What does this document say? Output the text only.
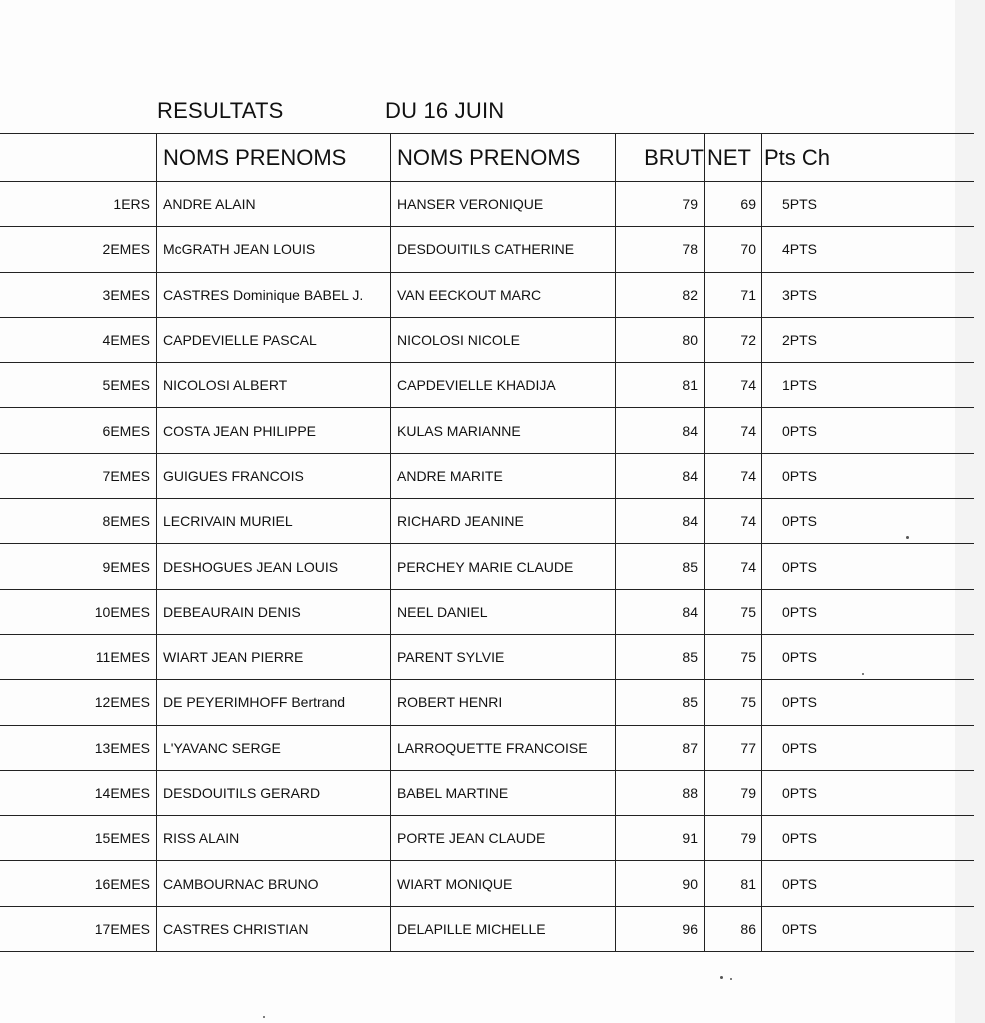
RESULTATS	DU 16 JUIN
	NOMS PRENOMS	NOMS PRENOMS	BRUT	NET	Pts Ch
1ERS	ANDRE ALAIN	HANSER VERONIQUE	79	69	5PTS
2EMES	McGRATH JEAN LOUIS	DESDOUITILS CATHERINE	78	70	4PTS
3EMES	CASTRES Dominique BABEL J.	VAN EECKOUT MARC	82	71	3PTS
4EMES	CAPDEVIELLE PASCAL	NICOLOSI NICOLE	80	72	2PTS
5EMES	NICOLOSI ALBERT	CAPDEVIELLE KHADIJA	81	74	1PTS
6EMES	COSTA JEAN PHILIPPE	KULAS MARIANNE	84	74	0PTS
7EMES	GUIGUES FRANCOIS	ANDRE MARITE	84	74	0PTS
8EMES	LECRIVAIN MURIEL	RICHARD JEANINE	84	74	0PTS
9EMES	DESHOGUES JEAN LOUIS	PERCHEY MARIE CLAUDE	85	74	0PTS
10EMES	DEBEAURAIN DENIS	NEEL DANIEL	84	75	0PTS
11EMES	WIART JEAN PIERRE	PARENT SYLVIE	85	75	0PTS
12EMES	DE PEYERIMHOFF Bertrand	ROBERT HENRI	85	75	0PTS
13EMES	L'YAVANC SERGE	LARROQUETTE FRANCOISE	87	77	0PTS
14EMES	DESDOUITILS GERARD	BABEL MARTINE	88	79	0PTS
15EMES	RISS ALAIN	PORTE JEAN CLAUDE	91	79	0PTS
16EMES	CAMBOURNAC BRUNO	WIART MONIQUE	90	81	0PTS
17EMES	CASTRES CHRISTIAN	DELAPILLE MICHELLE	96	86	0PTS
